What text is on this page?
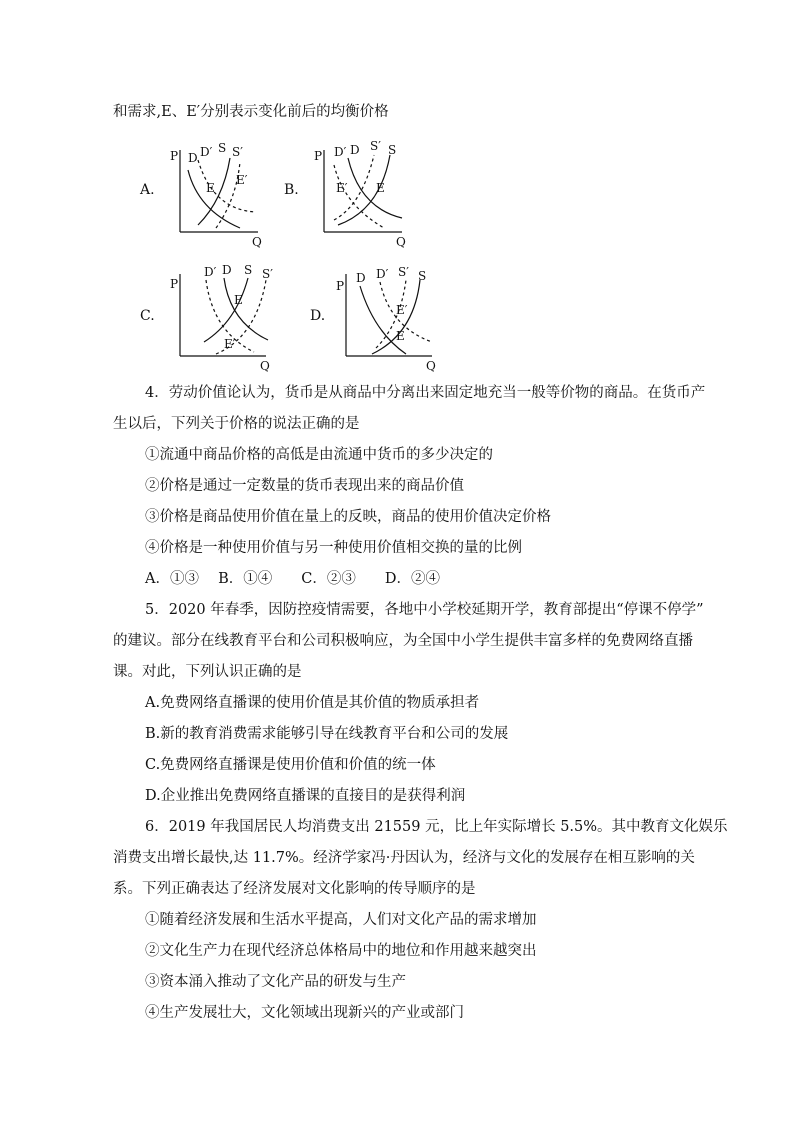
和需求,E、E′分别表示变化前后的均衡价格
A.
P
Q
D D′ S S′
E
E′
B.
P
Q
D′ D S′ S
E′ E
C.
P
Q
D′ D S S′
E
E′
D.
P
Q
D D′ S′ S
E′
E
4．劳动价值论认为，货币是从商品中分离出来固定地充当一般等价物的商品。在货币产
生以后，下列关于价格的说法正确的是
①流通中商品价格的高低是由流通中货币的多少决定的
②价格是通过一定数量的货币表现出来的商品价值
③价格是商品使用价值在量上的反映，商品的使用价值决定价格
④价格是一种使用价值与另一种使用价值相交换的量的比例
A．①③　 B．①④　　C．②③　　D．②④
5．2020 年春季，因防控疫情需要，各地中小学校延期开学，教育部提出“停课不停学”
的建议。部分在线教育平台和公司积极响应，为全国中小学生提供丰富多样的免费网络直播
课。对此，下列认识正确的是
A.免费网络直播课的使用价值是其价值的物质承担者
B.新的教育消费需求能够引导在线教育平台和公司的发展
C.免费网络直播课是使用价值和价值的统一体
D.企业推出免费网络直播课的直接目的是获得利润
6．2019 年我国居民人均消费支出 21559 元，比上年实际增长 5.5%。其中教育文化娱乐
消费支出增长最快,达 11.7%。经济学家冯·丹因认为，经济与文化的发展存在相互影响的关
系。下列正确表达了经济发展对文化影响的传导顺序的是
①随着经济发展和生活水平提高，人们对文化产品的需求增加
②文化生产力在现代经济总体格局中的地位和作用越来越突出
③资本涌入推动了文化产品的研发与生产
④生产发展壮大，文化领域出现新兴的产业或部门
